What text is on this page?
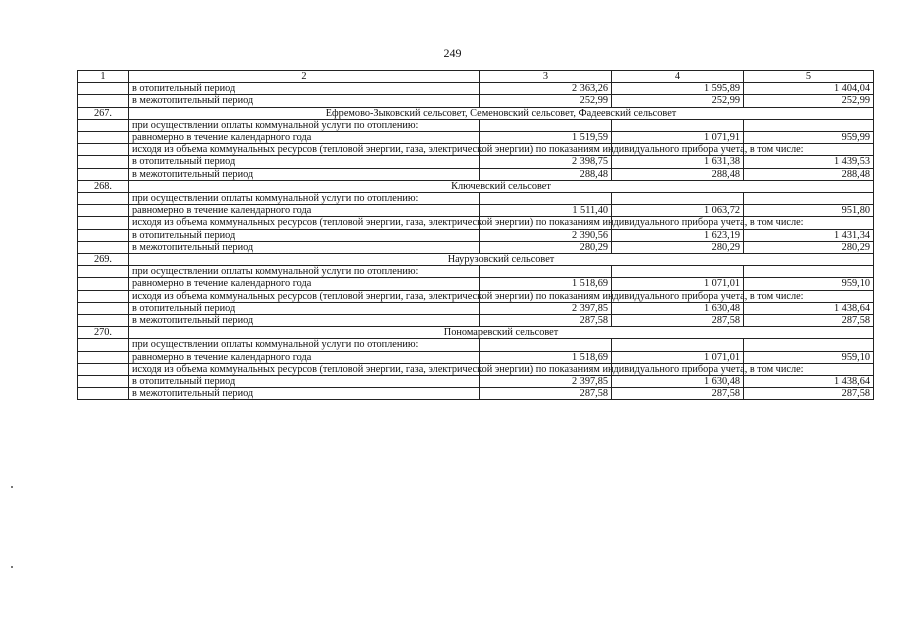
249
1	2	3	4	5
	в отопительный период	2 363,26	1 595,89	1 404,04
	в межотопительный период	252,99	252,99	252,99
267.	Ефремово-Зыковский сельсовет, Семеновский сельсовет, Фадеевский сельсовет			
	при осуществлении оплаты коммунальной услуги по отоплению:			
	равномерно в течение календарного года	1 519,59	1 071,91	959,99
	исходя из объема коммунальных ресурсов (тепловой энергии, газа, электрической энергии) по показаниям индивидуального прибора учета, в том числе:			
	в отопительный период	2 398,75	1 631,38	1 439,53
	в межотопительный период	288,48	288,48	288,48
268.	Ключевский сельсовет			
	при осуществлении оплаты коммунальной услуги по отоплению:			
	равномерно в течение календарного года	1 511,40	1 063,72	951,80
	исходя из объема коммунальных ресурсов (тепловой энергии, газа, электрической энергии) по показаниям индивидуального прибора учета, в том числе:			
	в отопительный период	2 390,56	1 623,19	1 431,34
	в межотопительный период	280,29	280,29	280,29
269.	Наурузовский сельсовет			
	при осуществлении оплаты коммунальной услуги по отоплению:			
	равномерно в течение календарного года	1 518,69	1 071,01	959,10
	исходя из объема коммунальных ресурсов (тепловой энергии, газа, электрической энергии) по показаниям индивидуального прибора учета, в том числе:			
	в отопительный период	2 397,85	1 630,48	1 438,64
	в межотопительный период	287,58	287,58	287,58
270.	Пономаревский сельсовет			
	при осуществлении оплаты коммунальной услуги по отоплению:			
	равномерно в течение календарного года	1 518,69	1 071,01	959,10
	исходя из объема коммунальных ресурсов (тепловой энергии, газа, электрической энергии) по показаниям индивидуального прибора учета, в том числе:			
	в отопительный период	2 397,85	1 630,48	1 438,64
	в межотопительный период	287,58	287,58	287,58
